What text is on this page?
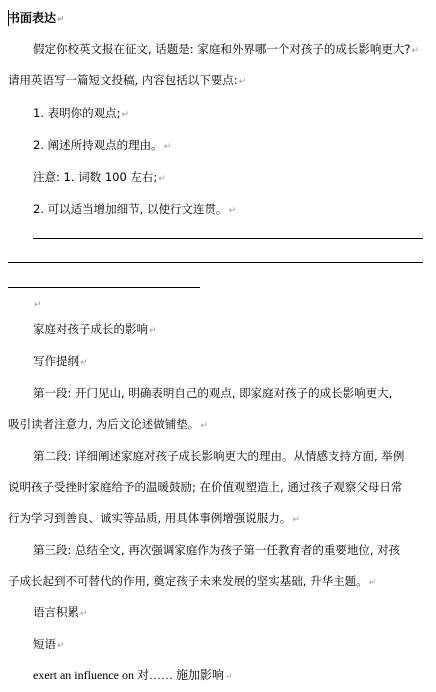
书面表达↵
假定你校英文报在征文, 话题是: 家庭和外界哪一个对孩子的成长影响更大?↵
请用英语写一篇短文投稿, 内容包括以下要点:↵
1. 表明你的观点;↵
2. 阐述所持观点的理由。↵
注意: 1. 词数 100 左右;↵
2. 可以适当增加细节, 以使行文连贯。↵
↵
家庭对孩子成长的影响↵
写作提纲↵
第一段: 开门见山, 明确表明自己的观点, 即家庭对孩子的成长影响更大,
吸引读者注意力, 为后文论述做铺垫。↵
第二段: 详细阐述家庭对孩子成长影响更大的理由。从情感支持方面, 举例
说明孩子受挫时家庭给予的温暖鼓励; 在价值观塑造上, 通过孩子观察父母日常
行为学习到善良、诚实等品质, 用具体事例增强说服力。↵
第三段: 总结全文, 再次强调家庭作为孩子第一任教育者的重要地位, 对孩
子成长起到不可替代的作用, 奠定孩子未来发展的坚实基础, 升华主题。↵
语言积累↵
短语↵
exert an influence on 对…… 施加影响↵
